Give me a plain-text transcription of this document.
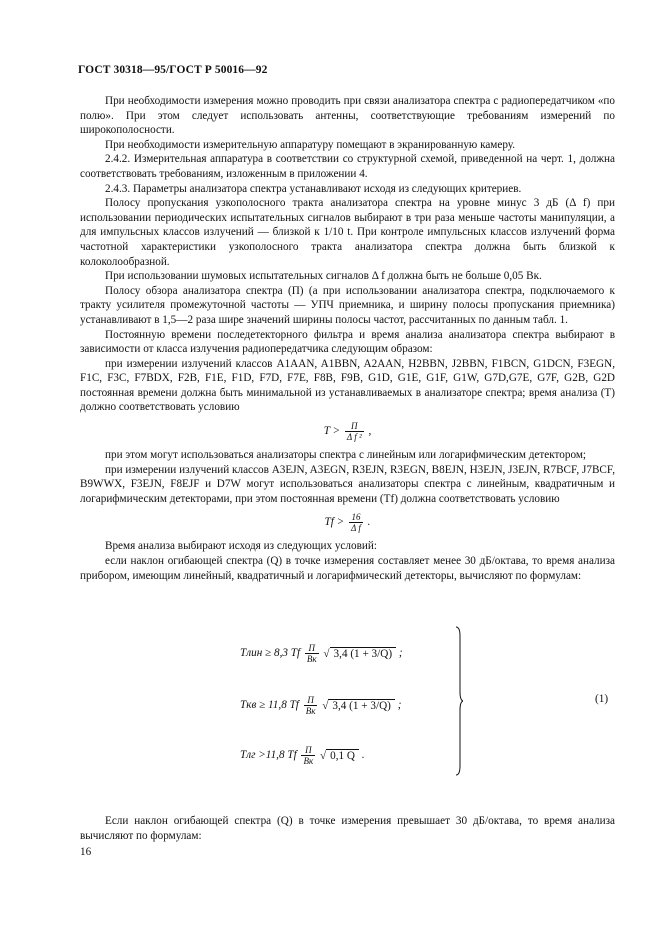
ГОСТ 30318—95/ГОСТ Р 50016—92

При необходимости измерения можно проводить при связи анализатора спектра с радиопередатчиком «по полю». При этом следует использовать антенны, соответствующие требованиям измерений по широкополосности.

При необходимости измерительную аппаратуру помещают в экранированную камеру.

2.4.2. Измерительная аппаратура в соответствии со структурной схемой, приведенной на черт. 1, должна соответствовать требованиям, изложенным в приложении 4.

2.4.3. Параметры анализатора спектра устанавливают исходя из следующих критериев.

Полосу пропускания узкополосного тракта анализатора спектра на уровне минус 3 дБ (Δ f) при использовании периодических испытательных сигналов выбирают в три раза меньше частоты манипуляции, а для импульсных классов излучений — близкой к 1/10 t. При контроле импульсных классов излучений форма частотной характеристики узкополосного тракта анализатора спектра должна быть близкой к колоколообразной.

При использовании шумовых испытательных сигналов Δ f должна быть не больше 0,05 Bк.

Полосу обзора анализатора спектра (П) (a при использовании анализатора спектра, подключаемого к тракту усилителя промежуточной частоты — УПЧ приемника, и ширину полосы пропускания приемника) устанавливают в 1,5—2 раза шире значений ширины полосы частот, рассчитанных по данным табл. 1.

Постоянную времени последетекторного фильтра и время анализа анализатора спектра выбирают в зависимости от класса излучения радиопередатчика следующим образом:

при измерении излучений классов A1AAN, A1BBN, A2AAN, H2BBN, J2BBN, F1BCN, G1DCN, F3EGN, F1C, F3C, F7BDX, F2B, F1E, F1D, F7D, F7E, F8B, F9B, G1D, G1E, G1F, G1W, G7D,G7E, G7F, G2B, G2D постоянная времени должна быть минимальной из устанавливаемых в анализаторе спектра; время анализа (T) должно соответствовать условию

$T > \frac{П}{\text{Δ f ²}}$ ,

при этом могут использоваться анализаторы спектра с линейным или логарифмическим детектором;

при измерении излучений классов A3EJN, A3EGN, R3EJN, R3EGN, B8EJN, H3EJN, J3EJN, R7BCF, J7BCF, B9WWX, F3EJN, F8EJF и D7W могут использоваться анализаторы спектра с линейным, квадратичным и логарифмическим детекторами, при этом постоянная времени (Tf) должна соответствовать условию

$Tf > \frac{16}{\text{Δ f}}$ .

Время анализа выбирают исходя из следующих условий:

если наклон огибающей спектра (Q) в точке измерения составляет менее 30 дБ/октава, то время анализа прибором, имеющим линейный, квадратичный и логарифмический детекторы, вычисляют по формулам:

Tлин ≥ 8,3 Tf $\frac{П}{Bк}$ √ 3,4 (1 + 3/Q) ;
Tкв ≥ 11,8 Tf $\frac{П}{Bк}$ √ 3,4 (1 + 3/Q) ;
Tлг >11,8 Tf $\frac{П}{Bк}$ √ 0,1 Q .
(1)

Если наклон огибающей спектра (Q) в точке измерения превышает 30 дБ/октава, то время анализа вычисляют по формулам:

16
